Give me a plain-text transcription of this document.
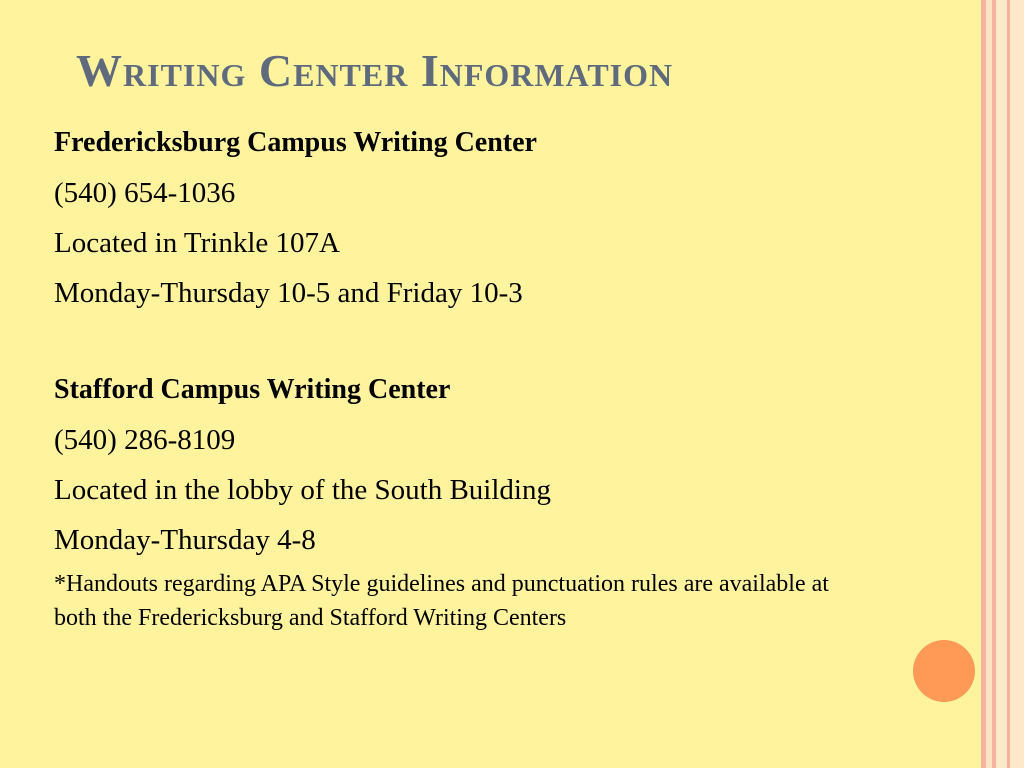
Writing Center Information
Fredericksburg Campus Writing Center
(540) 654-1036
Located in Trinkle 107A
Monday-Thursday 10-5 and Friday 10-3
Stafford Campus Writing Center
(540) 286-8109
Located in the lobby of the South Building
Monday-Thursday 4-8
*Handouts regarding APA Style guidelines and punctuation rules are available at both the Fredericksburg and Stafford Writing Centers
